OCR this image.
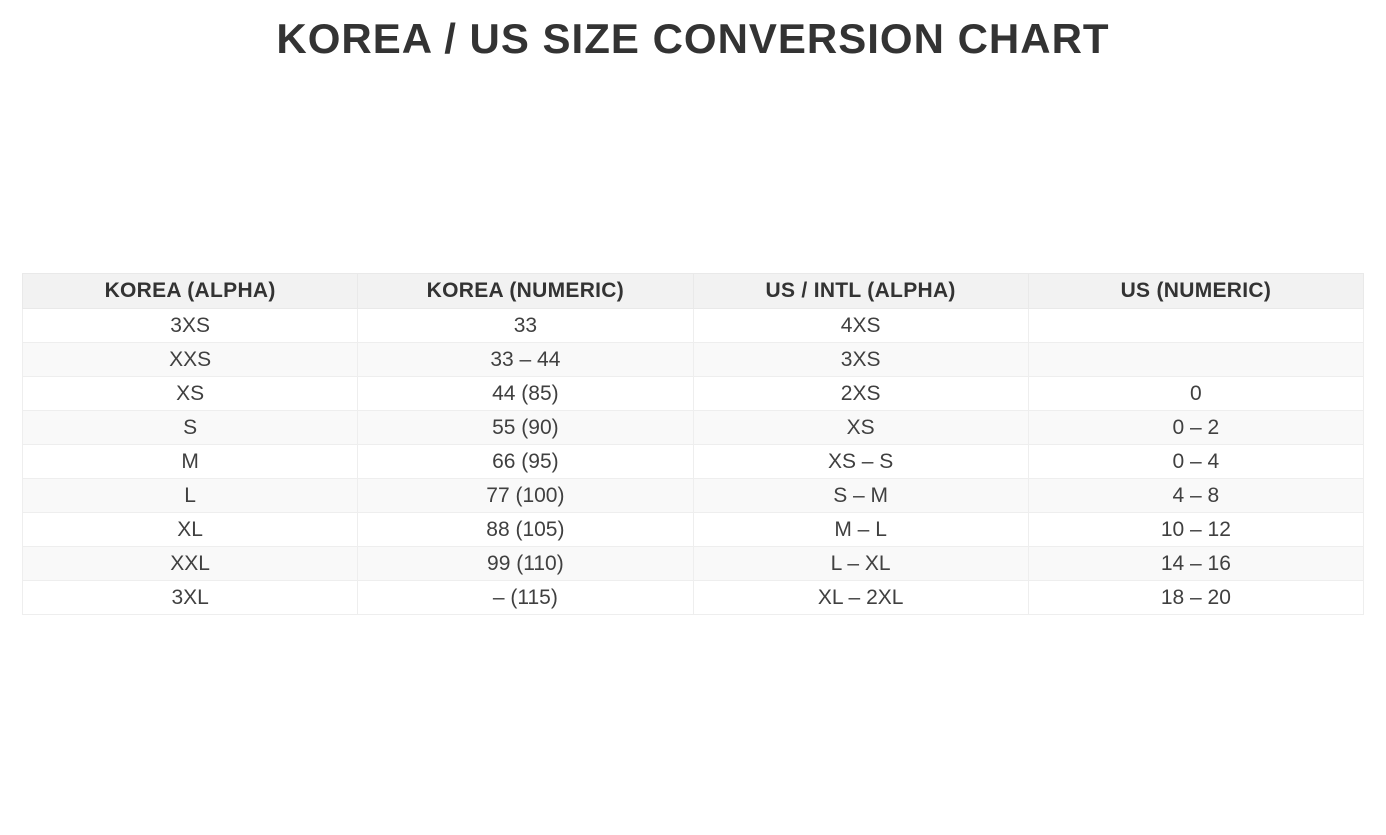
KOREA / US SIZE CONVERSION CHART
KOREA (ALPHA)	KOREA (NUMERIC)	US / INTL (ALPHA)	US (NUMERIC)
3XS	33	4XS	
XXS	33 – 44	3XS	
XS	44 (85)	2XS	0
S	55 (90)	XS	0 – 2
M	66 (95)	XS – S	0 – 4
L	77 (100)	S – M	4 – 8
XL	88 (105)	M – L	10 – 12
XXL	99 (110)	L – XL	14 – 16
3XL	– (115)	XL – 2XL	18 – 20
